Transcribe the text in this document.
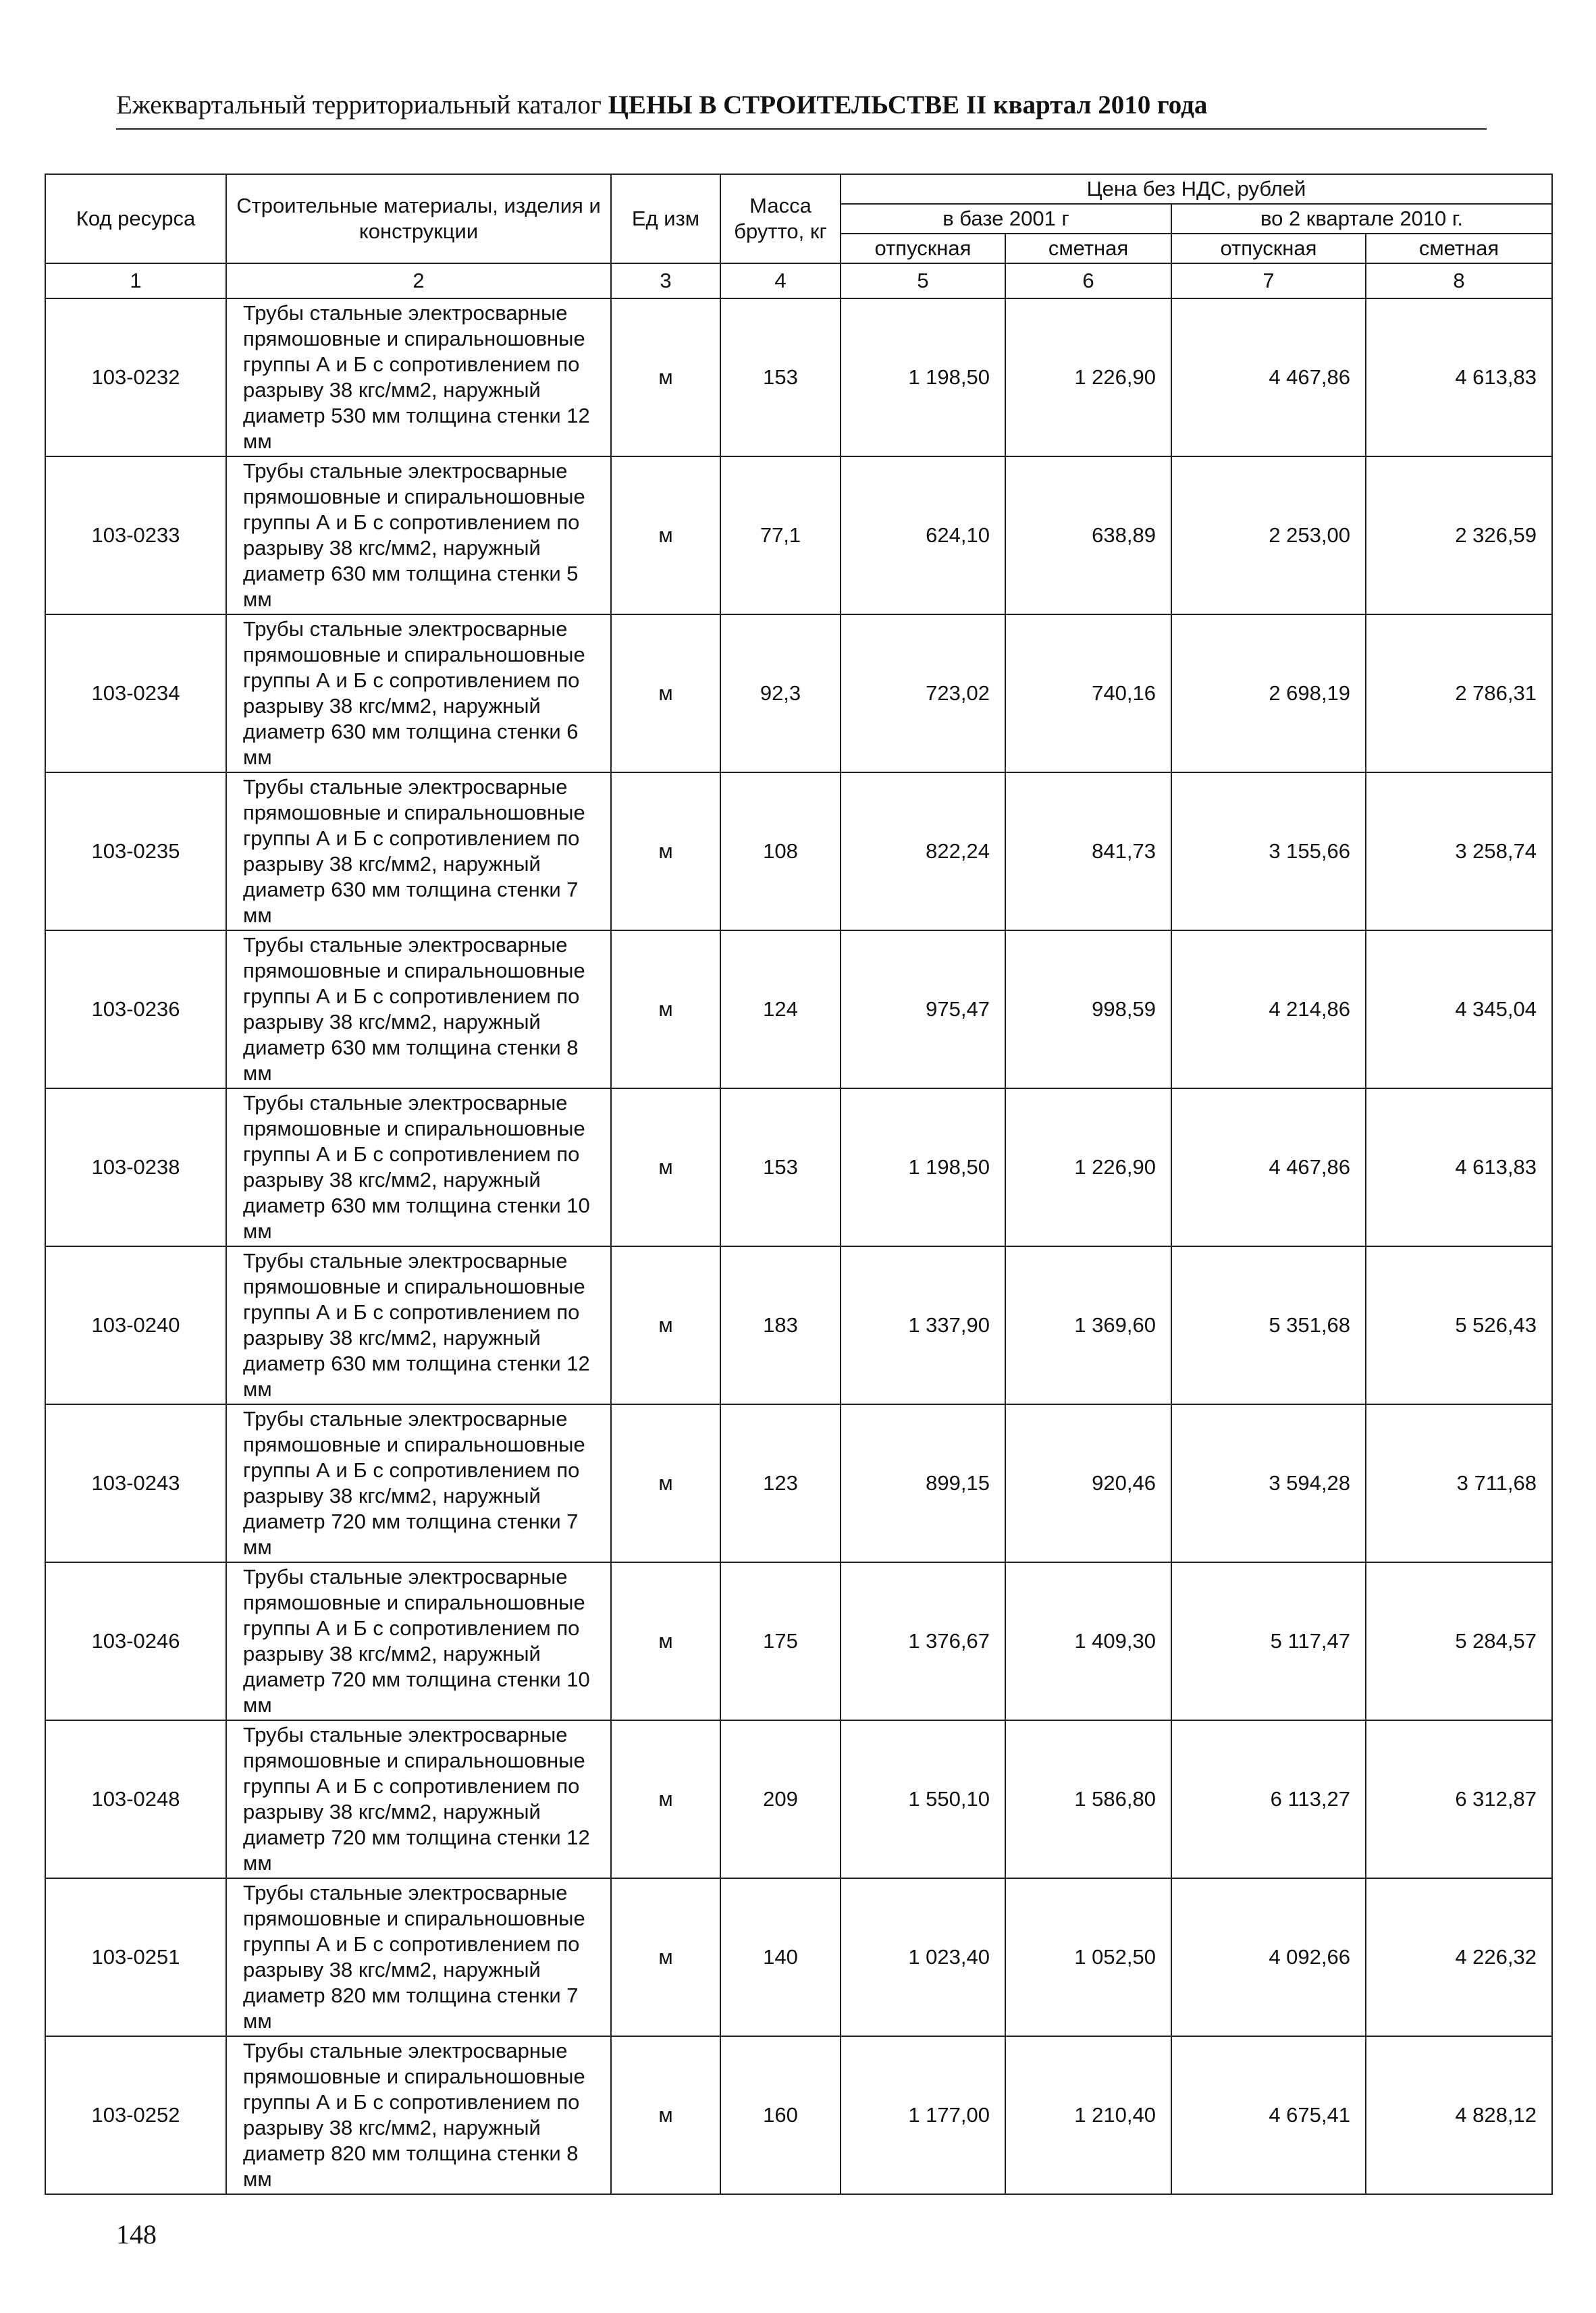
Ежеквартальный территориальный каталог ЦЕНЫ В СТРОИТЕЛЬСТВЕ II квартал 2010 года
Код ресурса	Строительные материалы, изделия и конструкции	Ед изм	Масса брутто, кг	Цена без НДС, рублей			
				в базе 2001 г		во 2 квартале 2010 г.	
				отпускная	сметная	отпускная	сметная
1	2	3	4	5	6	7	8
103-0232	Трубы стальные электросварные прямошовные и спиральношовные группы А и Б с сопротивлением по разрыву 38 кгс/мм2, наружный диаметр 530 мм толщина стенки 12 мм	м	153	1 198,50	1 226,90	4 467,86	4 613,83
103-0233	Трубы стальные электросварные прямошовные и спиральношовные группы А и Б с сопротивлением по разрыву 38 кгс/мм2, наружный диаметр 630 мм толщина стенки 5 мм	м	77,1	624,10	638,89	2 253,00	2 326,59
103-0234	Трубы стальные электросварные прямошовные и спиральношовные группы А и Б с сопротивлением по разрыву 38 кгс/мм2, наружный диаметр 630 мм толщина стенки 6 мм	м	92,3	723,02	740,16	2 698,19	2 786,31
103-0235	Трубы стальные электросварные прямошовные и спиральношовные группы А и Б с сопротивлением по разрыву 38 кгс/мм2, наружный диаметр 630 мм толщина стенки 7 мм	м	108	822,24	841,73	3 155,66	3 258,74
103-0236	Трубы стальные электросварные прямошовные и спиральношовные группы А и Б с сопротивлением по разрыву 38 кгс/мм2, наружный диаметр 630 мм толщина стенки 8 мм	м	124	975,47	998,59	4 214,86	4 345,04
103-0238	Трубы стальные электросварные прямошовные и спиральношовные группы А и Б с сопротивлением по разрыву 38 кгс/мм2, наружный диаметр 630 мм толщина стенки 10 мм	м	153	1 198,50	1 226,90	4 467,86	4 613,83
103-0240	Трубы стальные электросварные прямошовные и спиральношовные группы А и Б с сопротивлением по разрыву 38 кгс/мм2, наружный диаметр 630 мм толщина стенки 12 мм	м	183	1 337,90	1 369,60	5 351,68	5 526,43
103-0243	Трубы стальные электросварные прямошовные и спиральношовные группы А и Б с сопротивлением по разрыву 38 кгс/мм2, наружный диаметр 720 мм толщина стенки 7 мм	м	123	899,15	920,46	3 594,28	3 711,68
103-0246	Трубы стальные электросварные прямошовные и спиральношовные группы А и Б с сопротивлением по разрыву 38 кгс/мм2, наружный диаметр 720 мм толщина стенки 10 мм	м	175	1 376,67	1 409,30	5 117,47	5 284,57
103-0248	Трубы стальные электросварные прямошовные и спиральношовные группы А и Б с сопротивлением по разрыву 38 кгс/мм2, наружный диаметр 720 мм толщина стенки 12 мм	м	209	1 550,10	1 586,80	6 113,27	6 312,87
103-0251	Трубы стальные электросварные прямошовные и спиральношовные группы А и Б с сопротивлением по разрыву 38 кгс/мм2, наружный диаметр 820 мм толщина стенки 7 мм	м	140	1 023,40	1 052,50	4 092,66	4 226,32
103-0252	Трубы стальные электросварные прямошовные и спиральношовные группы А и Б с сопротивлением по разрыву 38 кгс/мм2, наружный диаметр 820 мм толщина стенки 8 мм	м	160	1 177,00	1 210,40	4 675,41	4 828,12
148
